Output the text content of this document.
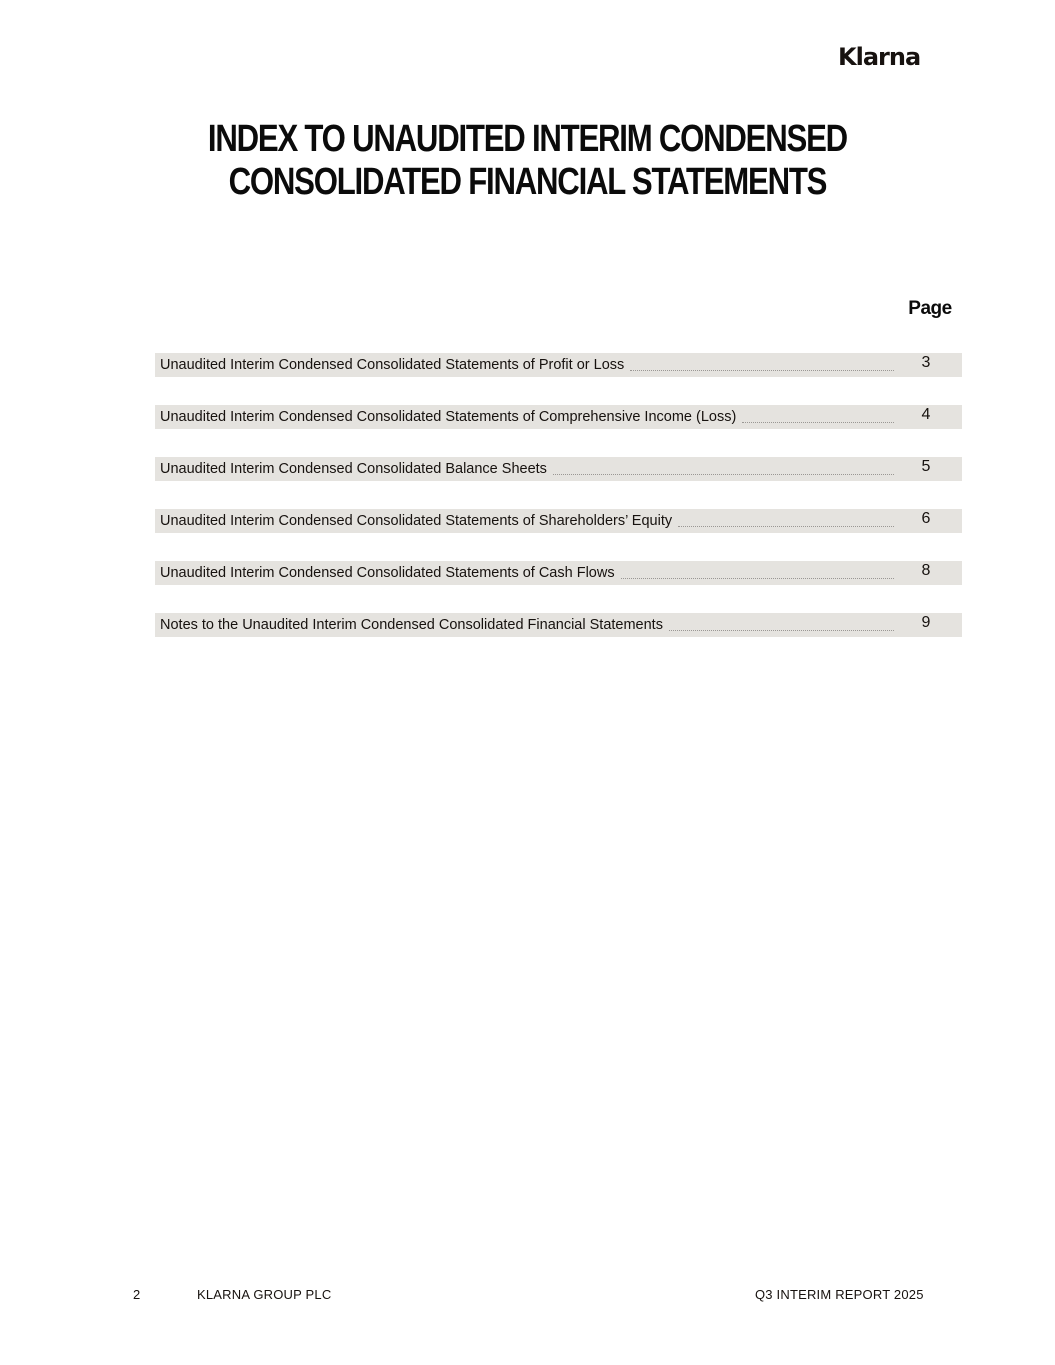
Klarna
INDEX TO UNAUDITED INTERIM CONDENSED
CONSOLIDATED FINANCIAL STATEMENTS
Page
Unaudited Interim Condensed Consolidated Statements of Profit or Loss	3
Unaudited Interim Condensed Consolidated Statements of Comprehensive Income (Loss)	4
Unaudited Interim Condensed Consolidated Balance Sheets	5
Unaudited Interim Condensed Consolidated Statements of Shareholders’ Equity	6
Unaudited Interim Condensed Consolidated Statements of Cash Flows	8
Notes to the Unaudited Interim Condensed Consolidated Financial Statements	9
2	KLARNA GROUP PLC	Q3 INTERIM REPORT 2025
